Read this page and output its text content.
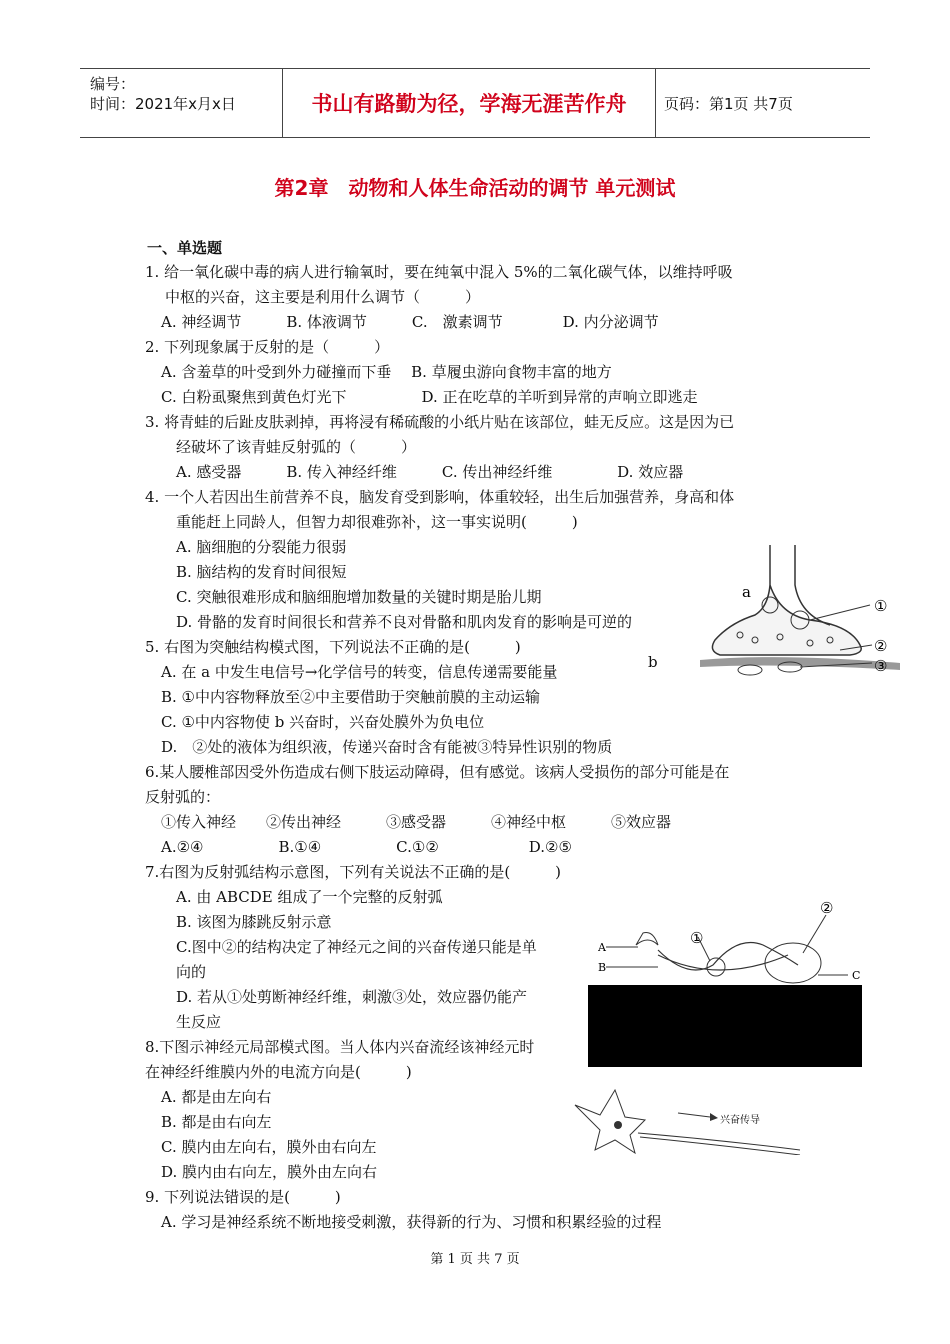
编号：
时间：2021年x月x日	书山有路勤为径，学海无涯苦作舟	页码：第1页 共7页
第2章　动物和人体生命活动的调节 单元测试
一、单选题
1. 给一氧化碳中毒的病人进行输氧时，要在纯氧中混入 5%的二氧化碳气体，以维持呼吸
中枢的兴奋，这主要是利用什么调节（　　　）
A. 神经调节　　　B. 体液调节　　　C.　激素调节　　　　D. 内分泌调节
2. 下列现象属于反射的是（　　　）
A. 含羞草的叶受到外力碰撞而下垂　 B. 草履虫游向食物丰富的地方
C. 白粉虱聚焦到黄色灯光下　　　　　D. 正在吃草的羊听到异常的声响立即逃走
3. 将青蛙的后趾皮肤剥掉，再将浸有稀硫酸的小纸片贴在该部位，蛙无反应。这是因为已
经破坏了该青蛙反射弧的（　　　）
A. 感受器　　　B. 传入神经纤维　　　C. 传出神经纤维　　　　 D. 效应器
4. 一个人若因出生前营养不良，脑发育受到影响，体重较轻，出生后加强营养，身高和体
重能赶上同龄人，但智力却很难弥补，这一事实说明(　　　)
A. 脑细胞的分裂能力很弱
B. 脑结构的发育时间很短
C. 突触很难形成和脑细胞增加数量的关键时期是胎儿期
D. 骨骼的发育时间很长和营养不良对骨骼和肌肉发育的影响是可逆的
5. 右图为突触结构模式图，下列说法不正确的是(　　　)
A. 在 a 中发生电信号→化学信号的转变，信息传递需要能量
B. ①中内容物释放至②中主要借助于突触前膜的主动运输
C. ①中内容物使 b 兴奋时，兴奋处膜外为负电位
D.　②处的液体为组织液，传递兴奋时含有能被③特异性识别的物质
6.某人腰椎部因受外伤造成右侧下肢运动障碍，但有感觉。该病人受损伤的部分可能是在
反射弧的：
①传入神经　　②传出神经　　　③感受器　　　④神经中枢　　　⑤效应器
A.②④　　　　　B.①④　　　　　C.①②　　　　　　D.②⑤
7.右图为反射弧结构示意图，下列有关说法不正确的是(　　　)
A. 由 ABCDE 组成了一个完整的反射弧
B. 该图为膝跳反射示意
C.图中②的结构决定了神经元之间的兴奋传递只能是单
向的
D. 若从①处剪断神经纤维，刺激③处，效应器仍能产
生反应
8.下图示神经元局部模式图。当人体内兴奋流经该神经元时
在神经纤维膜内外的电流方向是(　　　)
A. 都是由左向右
B. 都是由右向左
C. 膜内由左向右，膜外由右向左
D. 膜内由右向左，膜外由左向右
9. 下列说法错误的是(　　　)
A. 学习是神经系统不断地接受刺激，获得新的行为、习惯和积累经验的过程
a
①
②
③
b
A
B
C
①
②
兴奋传导
第 1 页 共 7 页
